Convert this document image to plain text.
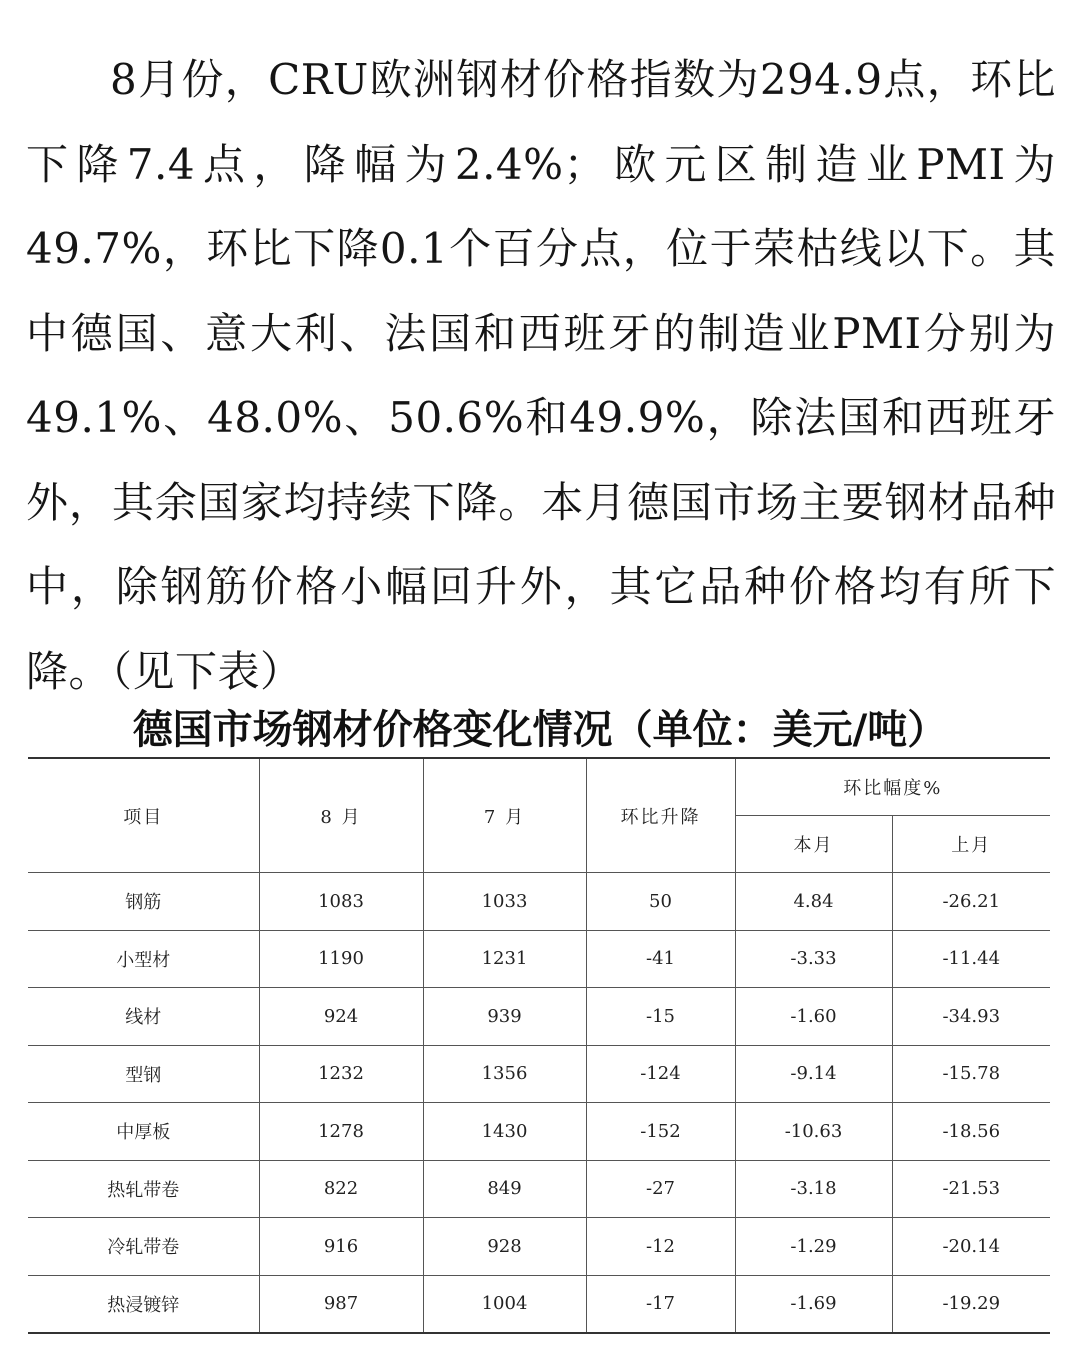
8月份，CRU欧洲钢材价格指数为294.9点，环比下降7.4点，降幅为2.4%；欧元区制造业PMI为49.7%，环比下降0.1个百分点，位于荣枯线以下。其中德国、意大利、法国和西班牙的制造业PMI分别为49.1%、48.0%、50.6%和49.9%，除法国和西班牙外，其余国家均持续下降。本月德国市场主要钢材品种中，除钢筋价格小幅回升外，其它品种价格均有所下降。（见下表）

德国市场钢材价格变化情况（单位：美元/吨）
项目	8 月	7 月	环比升降	环比幅度%	
				本月	上月
钢筋	1083	1033	50	4.84	-26.21
小型材	1190	1231	-41	-3.33	-11.44
线材	924	939	-15	-1.60	-34.93
型钢	1232	1356	-124	-9.14	-15.78
中厚板	1278	1430	-152	-10.63	-18.56
热轧带卷	822	849	-27	-3.18	-21.53
冷轧带卷	916	928	-12	-1.29	-20.14
热浸镀锌	987	1004	-17	-1.69	-19.29
